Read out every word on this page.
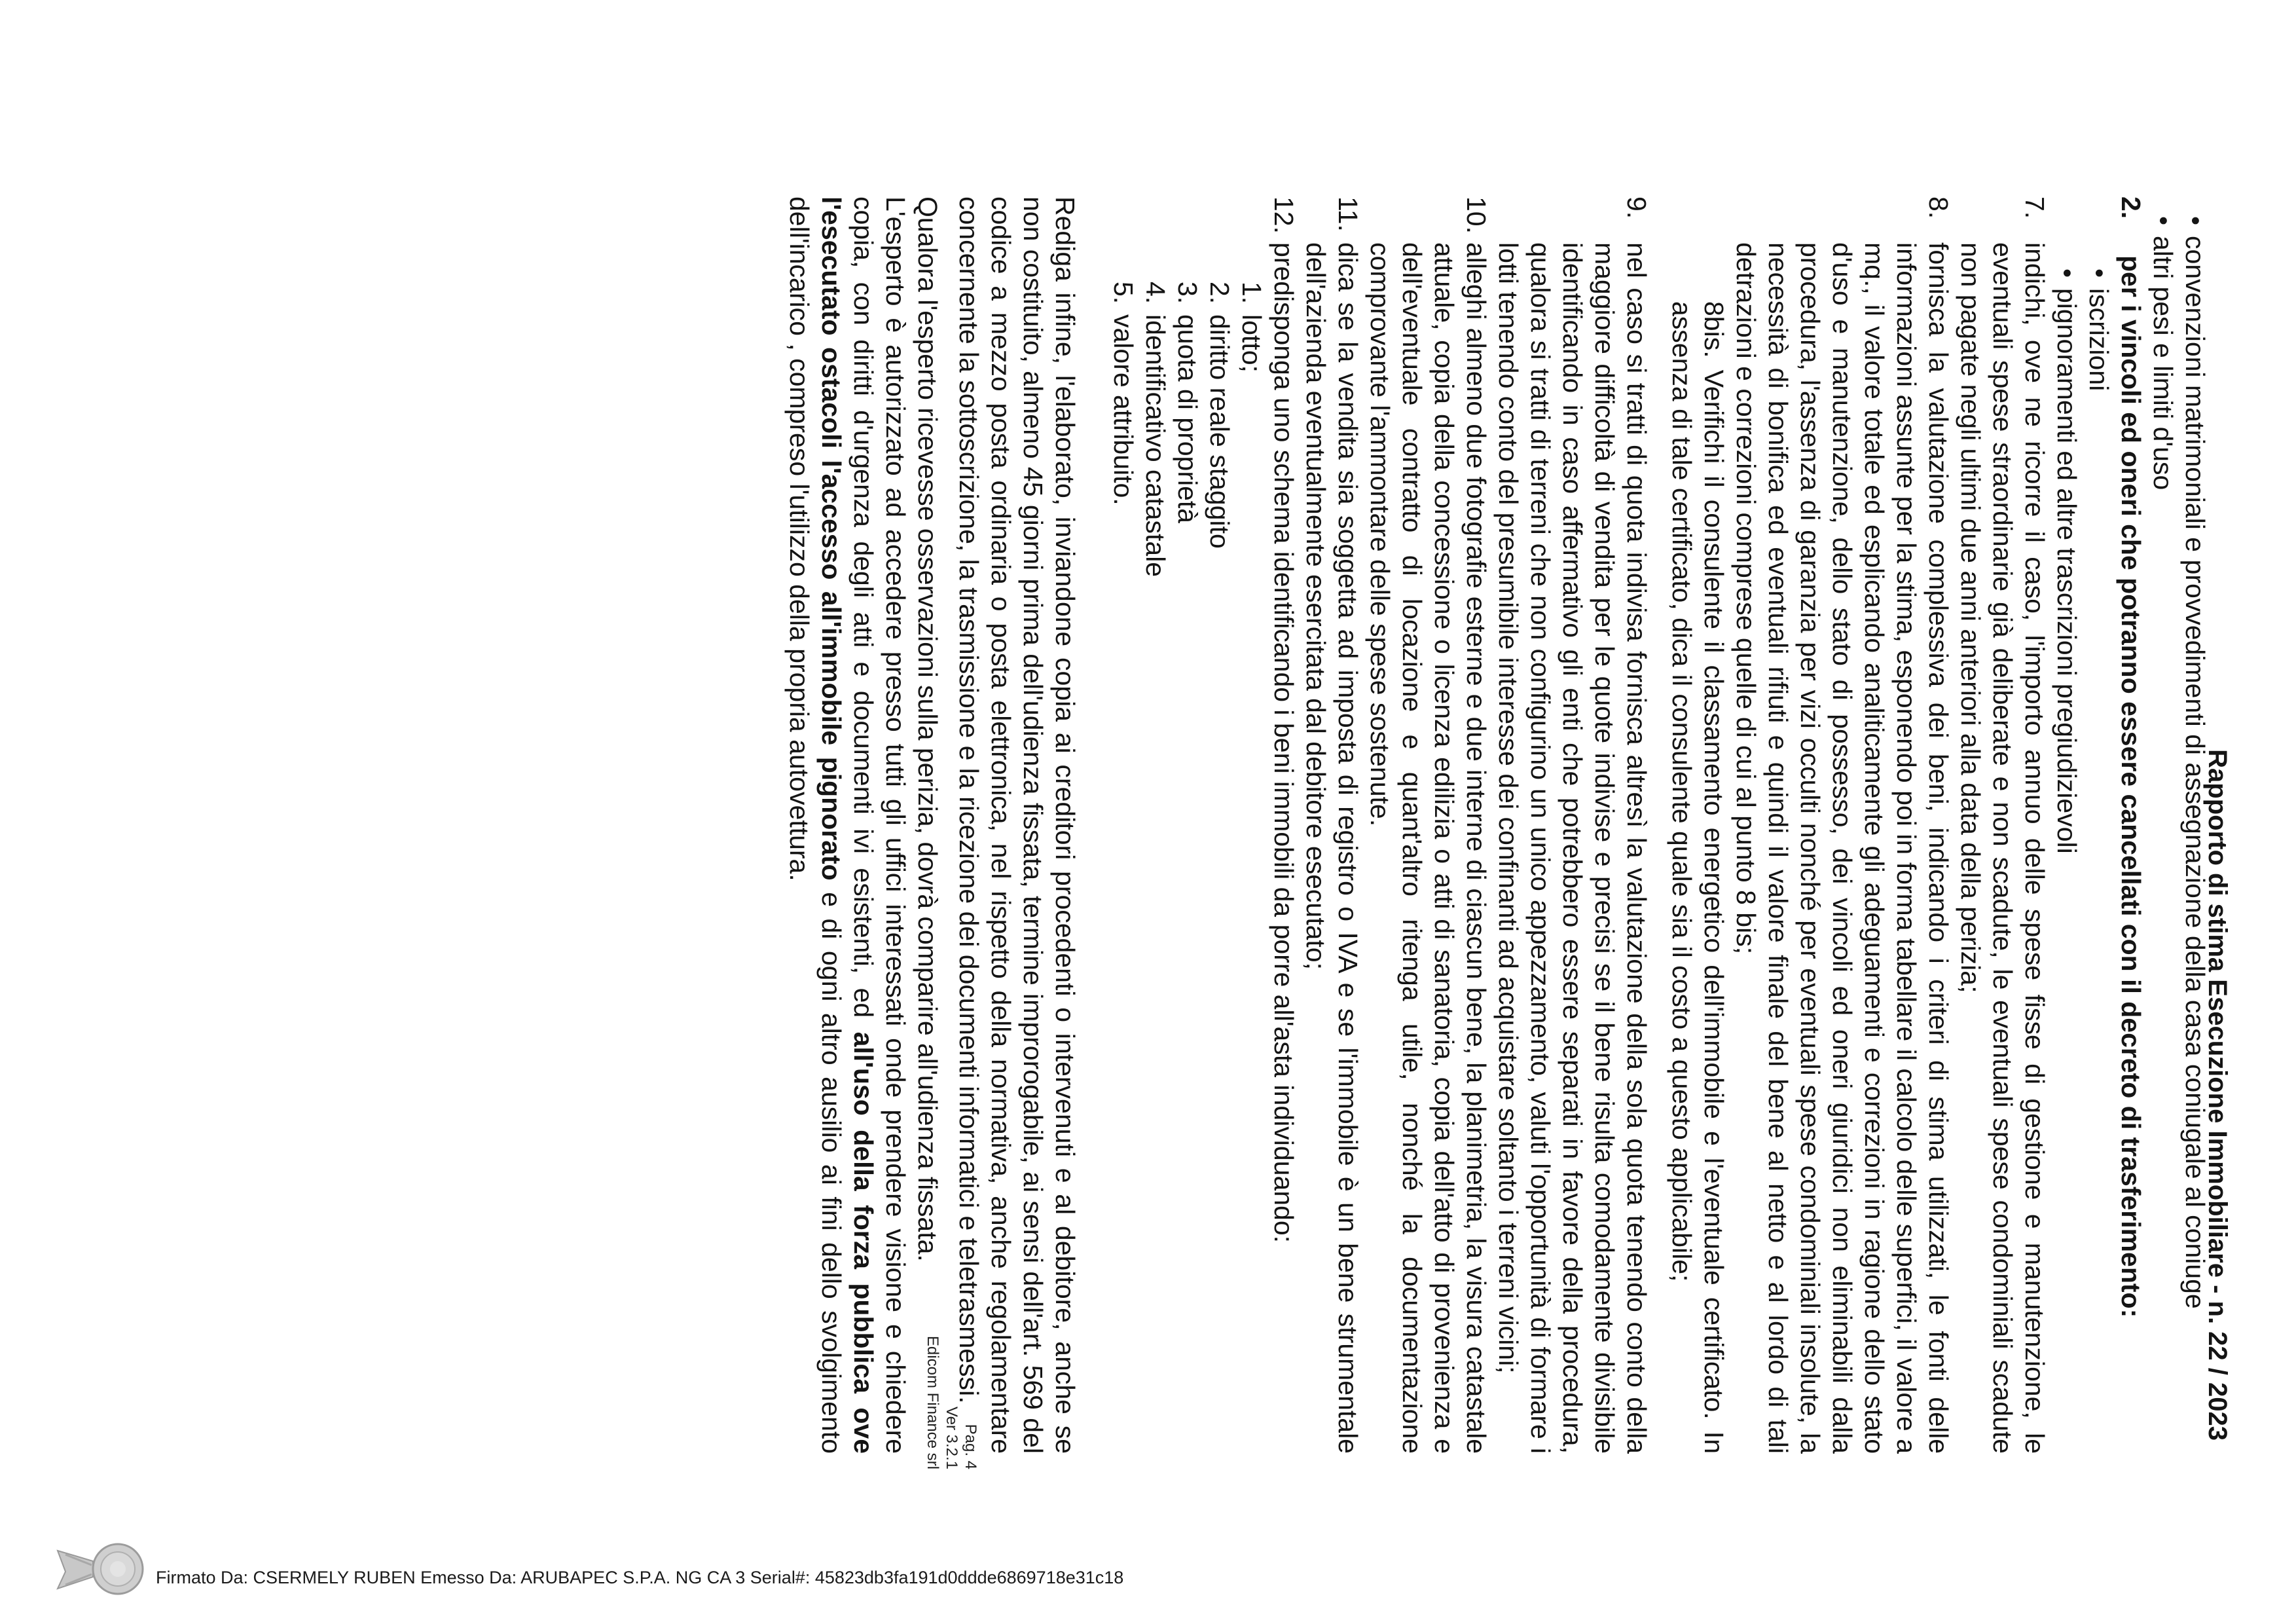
Rapporto di stima Esecuzione Immobiliare - n. 22 / 2023
• convenzioni matrimoniali e provvedimenti di assegnazione della casa coniugale al coniuge
• altri pesi e limiti d'uso

2.
per i vincoli ed oneri che potranno essere cancellati con il decreto di trasferimento:

• iscrizioni
• pignoramenti ed altre trascrizioni pregiudizievoli
7.
indichi, ove ne ricorre il caso, l'importo annuo delle spese fisse di gestione e manutenzione, le eventuali spese straordinarie già deliberate e non scadute, le eventuali spese condominiali scadute non pagate negli ultimi due anni anteriori alla data della perizia;
8.
fornisca la valutazione complessiva dei beni, indicando i criteri di stima utilizzati, le fonti delle informazioni assunte per la stima, esponendo poi in forma tabellare il calcolo delle superfici, il valore a mq., il valore totale ed esplicando analiticamente gli adeguamenti e correzioni in ragione dello stato d'uso e manutenzione, dello stato di possesso, dei vincoli ed oneri giuridici non eliminabili dalla procedura, l'assenza di garanzia per vizi occulti nonché per eventuali spese condominiali insolute, la necessità di bonifica ed eventuali rifiuti e quindi il valore finale del bene al netto e al lordo di tali detrazioni e correzioni comprese quelle di cui al punto 8 bis;
8bis. Verifichi il consulente il classamento energetico dell'immobile e l'eventuale certificato. In assenza di tale certificato, dica il consulente quale sia il costo a questo applicabile;
9.
nel caso si tratti di quota indivisa fornisca altresì la valutazione della sola quota tenendo conto della maggiore difficoltà di vendita per le quote indivise e precisi se il bene risulta comodamente divisibile identificando in caso affermativo gli enti che potrebbero essere separati in favore della procedura, qualora si tratti di terreni che non configurino un unico appezzamento, valuti l'opportunità di formare i lotti tenendo conto del presumibile interesse dei confinanti ad acquistare soltanto i terreni vicini;
10.
alleghi almeno due fotografie esterne e due interne di ciascun bene, la planimetria, la visura catastale attuale, copia della concessione o licenza edilizia o atti di sanatoria, copia dell'atto di provenienza e dell'eventuale contratto di locazione e quant'altro ritenga utile, nonché la documentazione comprovante l'ammontare delle spese sostenute.
11.
dica se la vendita sia soggetta ad imposta di registro o IVA e se l'immobile è un bene strumentale dell'azienda eventualmente esercitata dal debitore esecutato;
12.
predisponga uno schema identificando i beni immobili da porre all'asta individuando:
1.
lotto;
2.
diritto reale staggito
3.
quota di proprietà
4.
identificativo catastale
5.
valore attribuito.

Rediga infine, l'elaborato, inviandone copia ai creditori procedenti o intervenuti e al debitore, anche se non costituito, almeno 45 giorni prima dell'udienza fissata, termine improrogabile, ai sensi dell'art. 569 del codice a mezzo posta ordinaria o posta elettronica, nel rispetto della normativa, anche regolamentare concernente la sottoscrizione, la trasmissione e la ricezione dei documenti informatici e teletrasmessi.

Qualora l'esperto ricevesse osservazioni sulla perizia, dovrà comparire all'udienza fissata.
L'esperto è autorizzato ad accedere presso tutti gli uffici interessati onde prendere visione e chiedere copia, con diritti d'urgenza degli atti e documenti ivi esistenti, ed all'uso della forza pubblica ove l'esecutato ostacoli l'accesso all'immobile pignorato e di ogni altro ausilio ai fini dello svolgimento dell'incarico , compreso l'utilizzo della propria autovettura.

Pag. 4
Ver 3.2.1
Edicom Finance srl
Firmato Da: CSERMELY RUBEN Emesso Da: ARUBAPEC S.P.A. NG CA 3 Serial#: 45823db3fa191d0ddde6869718e31c18
